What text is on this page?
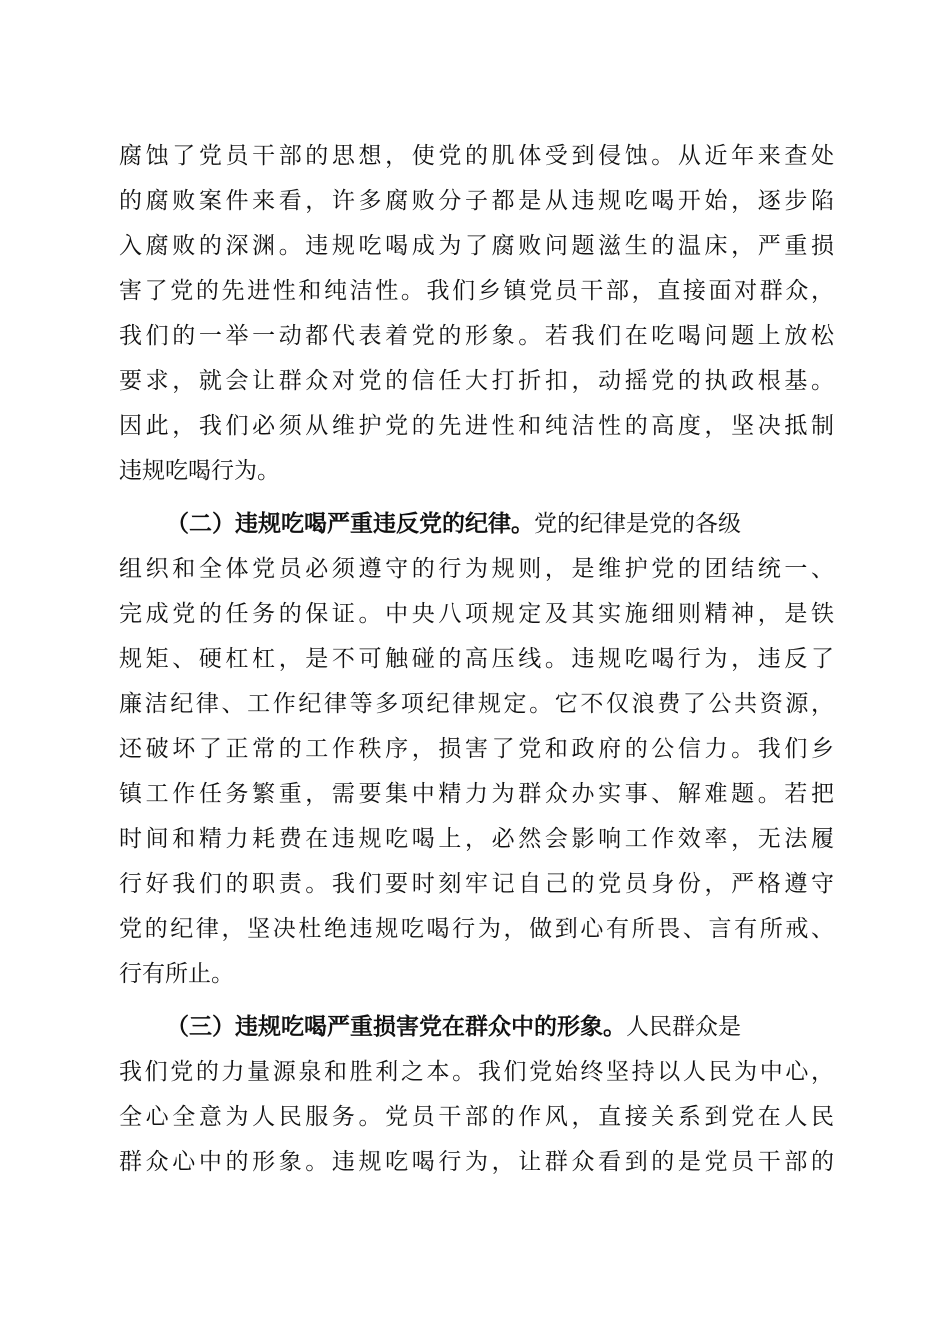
腐蚀了党员干部的思想，使党的肌体受到侵蚀。从近年来查处
的腐败案件来看，许多腐败分子都是从违规吃喝开始，逐步陷
入腐败的深渊。违规吃喝成为了腐败问题滋生的温床，严重损
害了党的先进性和纯洁性。我们乡镇党员干部，直接面对群众，
我们的一举一动都代表着党的形象。若我们在吃喝问题上放松
要求，就会让群众对党的信任大打折扣，动摇党的执政根基。
因此，我们必须从维护党的先进性和纯洁性的高度，坚决抵制
违规吃喝行为。
（二）违规吃喝严重违反党的纪律。党的纪律是党的各级
组织和全体党员必须遵守的行为规则，是维护党的团结统一、
完成党的任务的保证。中央八项规定及其实施细则精神，是铁
规矩、硬杠杠，是不可触碰的高压线。违规吃喝行为，违反了
廉洁纪律、工作纪律等多项纪律规定。它不仅浪费了公共资源，
还破坏了正常的工作秩序，损害了党和政府的公信力。我们乡
镇工作任务繁重，需要集中精力为群众办实事、解难题。若把
时间和精力耗费在违规吃喝上，必然会影响工作效率，无法履
行好我们的职责。我们要时刻牢记自己的党员身份，严格遵守
党的纪律，坚决杜绝违规吃喝行为，做到心有所畏、言有所戒、
行有所止。
（三）违规吃喝严重损害党在群众中的形象。人民群众是
我们党的力量源泉和胜利之本。我们党始终坚持以人民为中心，
全心全意为人民服务。党员干部的作风，直接关系到党在人民
群众心中的形象。违规吃喝行为，让群众看到的是党员干部的
